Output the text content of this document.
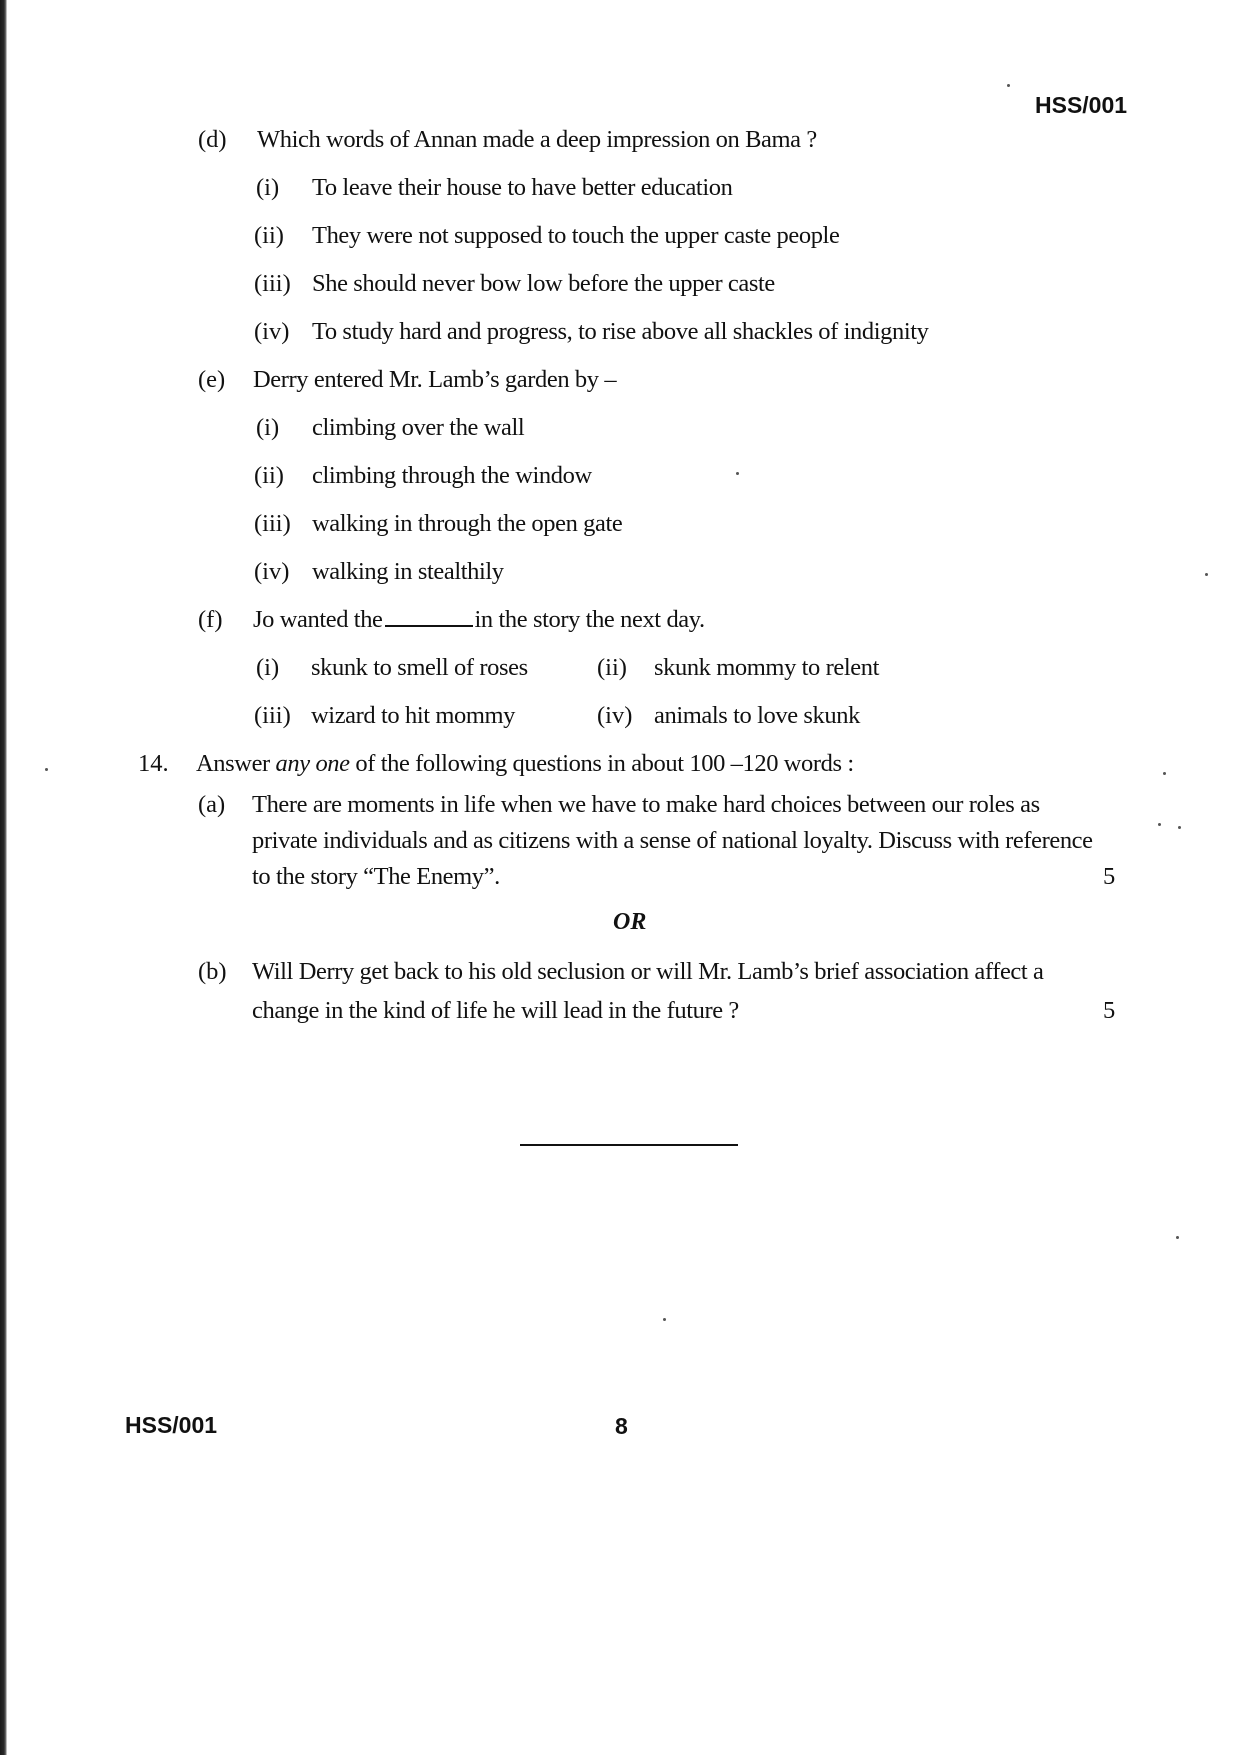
HSS/001
(d) Which words of Annan made a deep impression on Bama ?
(i) To leave their house to have better education
(ii) They were not supposed to touch the upper caste people
(iii) She should never bow low before the upper caste
(iv) To study hard and progress, to rise above all shackles of indignity
(e) Derry entered Mr. Lamb’s garden by –
(i) climbing over the wall
(ii) climbing through the window
(iii) walking in through the open gate
(iv) walking in stealthily
(f) Jo wanted the	in the story the next day.
(i) skunk to smell of roses	(ii) skunk mommy to relent
(iii) wizard to hit mommy	(iv) animals to love skunk
14. Answer any one of the following questions in about 100 –120 words :
(a) There are moments in life when we have to make hard choices between our roles as
private individuals and as citizens with a sense of national loyalty. Discuss with reference
to the story “The Enemy”.	5
OR
(b) Will Derry get back to his old seclusion or will Mr. Lamb’s brief association affect a
change in the kind of life he will lead in the future ?	5
HSS/001	8
